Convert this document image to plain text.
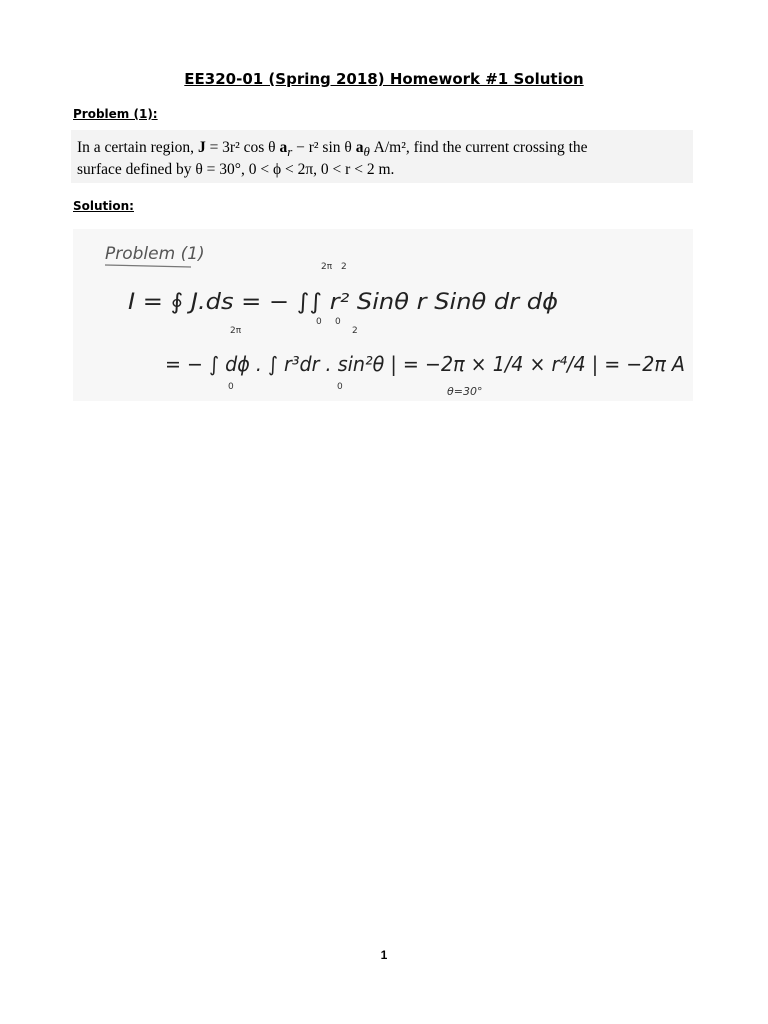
EE320-01 (Spring 2018) Homework #1 Solution
Problem (1):
In a certain region, J = 3r² cos θ $a_r - r^2$ sin θ $a_\theta$ A/m², find the current crossing the
surface defined by θ = 30°, 0 < ϕ < 2π, 0 < r < 2 m.
Solution:
Problem (1)
2π 2
I = ∮ J.ds = − ∫∫ r² Sinθ r Sinθ dr dϕ
0 0
2π	2
= − ∫ dϕ . ∫ r³dr . sin²θ | = −2π × 1/4 × r⁴/4 | = −2π A
0	0	θ=30°
1
